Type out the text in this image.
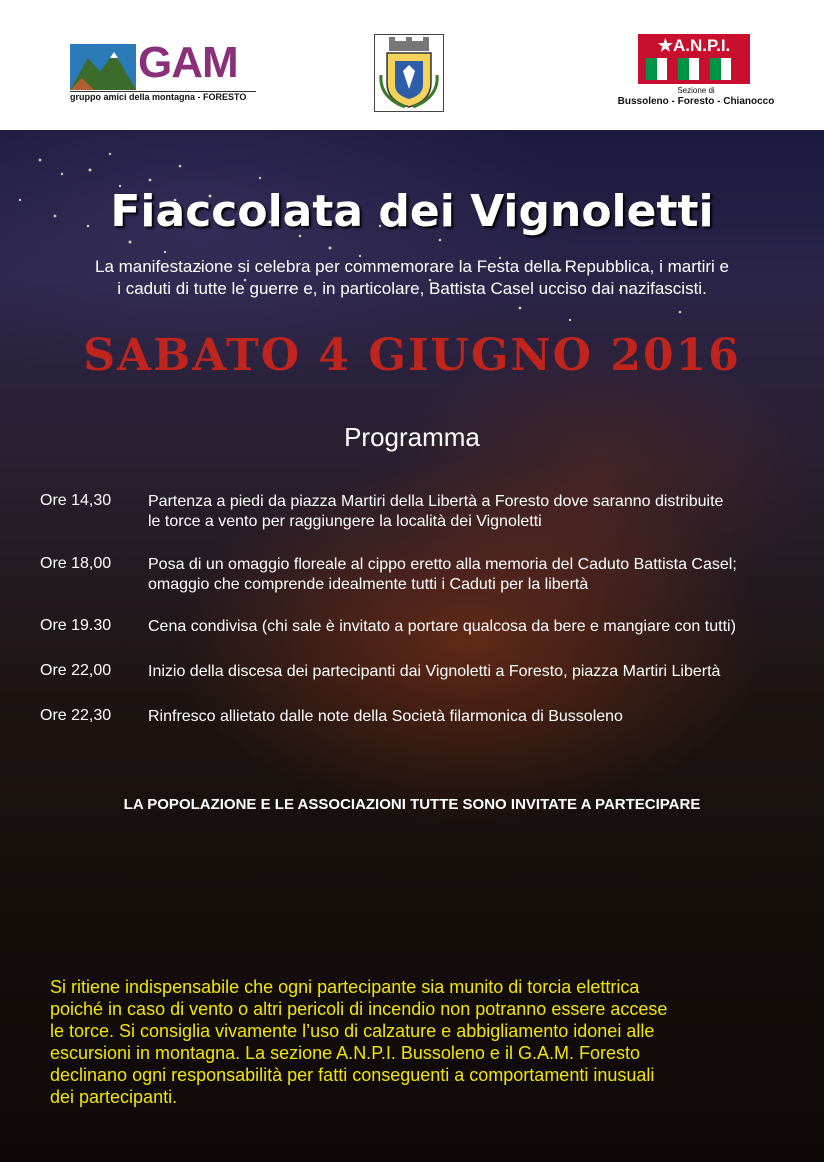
GAM
gruppo amici della montagna - FORESTO
★A.N.P.I.
Sezione di
Bussoleno - Foresto - Chianocco
Fiaccolata dei Vignoletti
La manifestazione si celebra per commemorare la Festa della Repubblica, i martiri e
i caduti di tutte le guerre e, in particolare, Battista Casel ucciso dai nazifascisti.
SABATO 4 GIUGNO 2016
Programma
Ore 14,30 Partenza a piedi da piazza Martiri della Libertà a Foresto dove saranno distribuite
le torce a vento per raggiungere la località dei Vignoletti
Ore 18,00 Posa di un omaggio floreale al cippo eretto alla memoria del Caduto Battista Casel;
omaggio che comprende idealmente tutti i Caduti per la libertà
Ore 19.30 Cena condivisa (chi sale è invitato a portare qualcosa da bere e mangiare con tutti)
Ore 22,00 Inizio della discesa dei partecipanti dai Vignoletti a Foresto, piazza Martiri Libertà
Ore 22,30 Rinfresco allietato dalle note della Società filarmonica di Bussoleno
LA POPOLAZIONE E LE ASSOCIAZIONI TUTTE SONO INVITATE A PARTECIPARE
Si ritiene indispensabile che ogni partecipante sia munito di torcia elettrica
poiché in caso di vento o altri pericoli di incendio non potranno essere accese
le torce. Si consiglia vivamente l’uso di calzature e abbigliamento idonei alle
escursioni in montagna. La sezione A.N.P.I. Bussoleno e il G.A.M. Foresto
declinano ogni responsabilità per fatti conseguenti a comportamenti inusuali
dei partecipanti.
